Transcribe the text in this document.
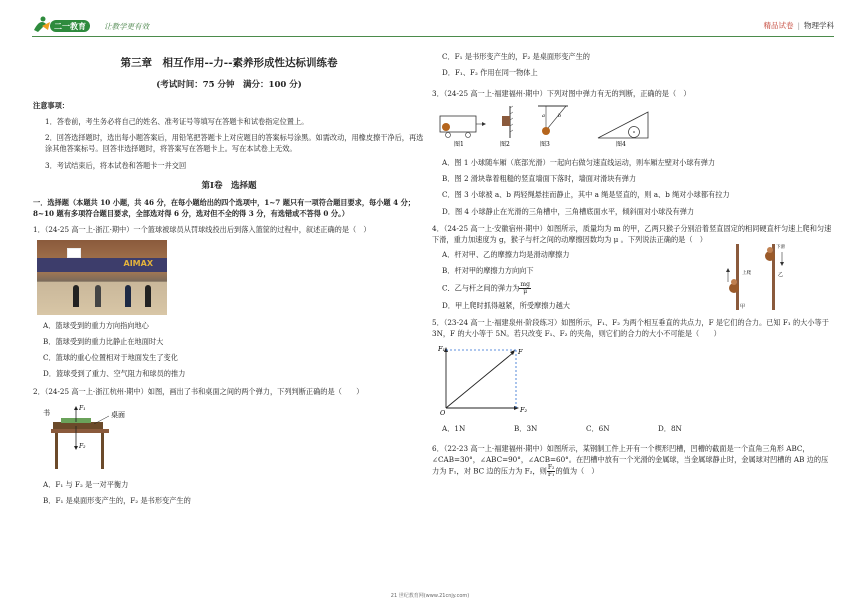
二一教育 让教学更有效	精品试卷 | 物理学科
第三章　相互作用--力--素养形成性达标训练卷
(考试时间：75 分钟　满分：100 分)
注意事项：
1．答卷前，考生务必将自己的姓名、准考证号等填写在答题卡和试卷指定位置上。
2．回答选择题时，选出每小题答案后，用铅笔把答题卡上对应题目的答案标号涂黑。如需改动，用橡皮擦干净后，再选涂其他答案标号。回答非选择题时，将答案写在答题卡上。写在本试卷上无效。
3．考试结束后，将本试卷和答题卡一并交回
第Ⅰ卷　选择题
一．选择题（本题共 10 小题，共 46 分，在每小题给出的四个选项中，1~7 题只有一项符合题目要求，每小题 4 分；8~10 题有多项符合题目要求，全部选对得 6 分，选对但不全的得 3 分，有选错或不答得 0 分。）
1．（24-25 高一上·浙江·期中）一个篮球被球员从罚球线投出后到落入篮筐的过程中，叙述正确的是（　）
AIMAX
A．篮球受到的重力方向指向地心
B．篮球受到的重力比静止在地面时大
C．篮球的重心位置相对于地面发生了变化
D．篮球受到了重力、空气阻力和球员的推力
2．（24-25 高一上·浙江杭州·期中）如图，画出了书和桌面之间的两个弹力，下列判断正确的是（　　）
书	桌面
F₁
F₂
A．F₁ 与 F₂ 是一对平衡力
B．F₁ 是桌面形变产生的，F₂ 是书形变产生的
C．F₁ 是书形变产生的，F₂ 是桌面形变产生的
D．F₁、F₂ 作用在同一物体上
3．（24-25 高一上·福建福州·期中）下列对图中弹力有无的判断，正确的是（　）
图1	图2
a	b
图3	图4
A．图 1 小球随车厢（底部光滑）一起向右做匀速直线运动，则车厢左壁对小球有弹力
B．图 2 滑块靠着粗糙的竖直墙面下落时，墙面对滑块有弹力
C．图 3 小球被 a、b 两轻绳悬挂而静止，其中 a 绳是竖直的，则 a、b 绳对小球都有拉力
D．图 4 小球静止在光滑的三角槽中，三角槽底面水平，倾斜面对小球没有弹力
4．（24-25 高一上·安徽宿州·期中）如图所示，质量均为 m 的甲，乙两只猴子分别沿着竖直固定的相同硬直杆匀速上爬和匀速下滑，重力加速度为 g，猴子与杆之间的动摩擦因数均为 μ 。下列说法正确的是（　）
A．杆对甲、乙的摩擦力均是滑动摩擦力
B．杆对甲的摩擦力方向向下
C．乙与杆之间的弹力为 $\frac{mg}{\mu}$
D．甲上爬时抓得越紧，所受摩擦力越大
上爬
下滑
甲
乙
5．（23-24 高一上·福建泉州·阶段练习）如图所示，F₁、F₂ 为两个相互垂直的共点力，F 是它们的合力。已知 F₁ 的大小等于 3N，F 的大小等于 5N。若只改变 F₁、F₂ 的夹角，则它们的合力的大小不可能是（　　）
F₁	F
F₂
O
A．1N	B．3N	C．6N	D．8N
6．（22-23 高一上·福建福州·期中）如图所示，某钢制工件上开有一个楔形凹槽，凹槽的截面是一个直角三角形 ABC，∠CAB=30°，∠ABC=90°，∠ACB=60°。在凹槽中放有一个光滑的金属球，当金属球静止时，金属球对凹槽的 AB 边的压力为 F₁，对 BC 边的压力为 F₂，则 $\frac{\text{F₂}}{\text{F₁}}$ 的值为（　）
21 世纪教育网(www.21cnjy.com)
